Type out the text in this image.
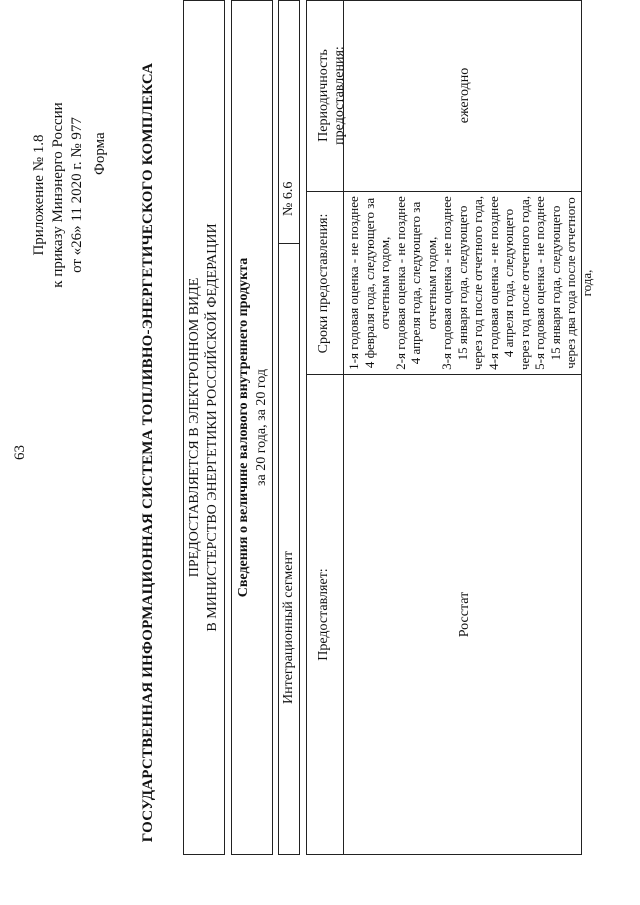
63
Приложение № 1.8 к приказу Минэнерго России от «26» 11 2020 г. № 977 Форма ГОСУДАРСТВЕННАЯ ИНФОРМАЦИОННАЯ СИСТЕМА ТОПЛИВНО-ЭНЕРГЕТИЧЕСКОГО КОМПЛЕКСА ПРЕДОСТАВЛЯЕТСЯ В ЭЛЕКТРОННОМ ВИДЕ В МИНИСТЕРСТВО ЭНЕРГЕТИКИ РОССИЙСКОЙ ФЕДЕРАЦИИ Сведения о величине валового внутреннего продукта за 20 года, за 20 год
Интеграционный сегмент
№ 6.6
Предоставляет:
Сроки предоставления:
Периодичность предоставления:
Росстат
1-я годовая оценка - не позднее 4 февраля года, следующего за отчетным годом, 2-я годовая оценка - не позднее 4 апреля года, следующего за отчетным годом, 3-я годовая оценка - не позднее 15 января года, следующего через год после отчетного года, 4-я годовая оценка - не позднее 4 апреля года, следующего через год после отчетного года, 5-я годовая оценка - не позднее 15 января года, следующего через два года после отчетного года,
ежегодно
